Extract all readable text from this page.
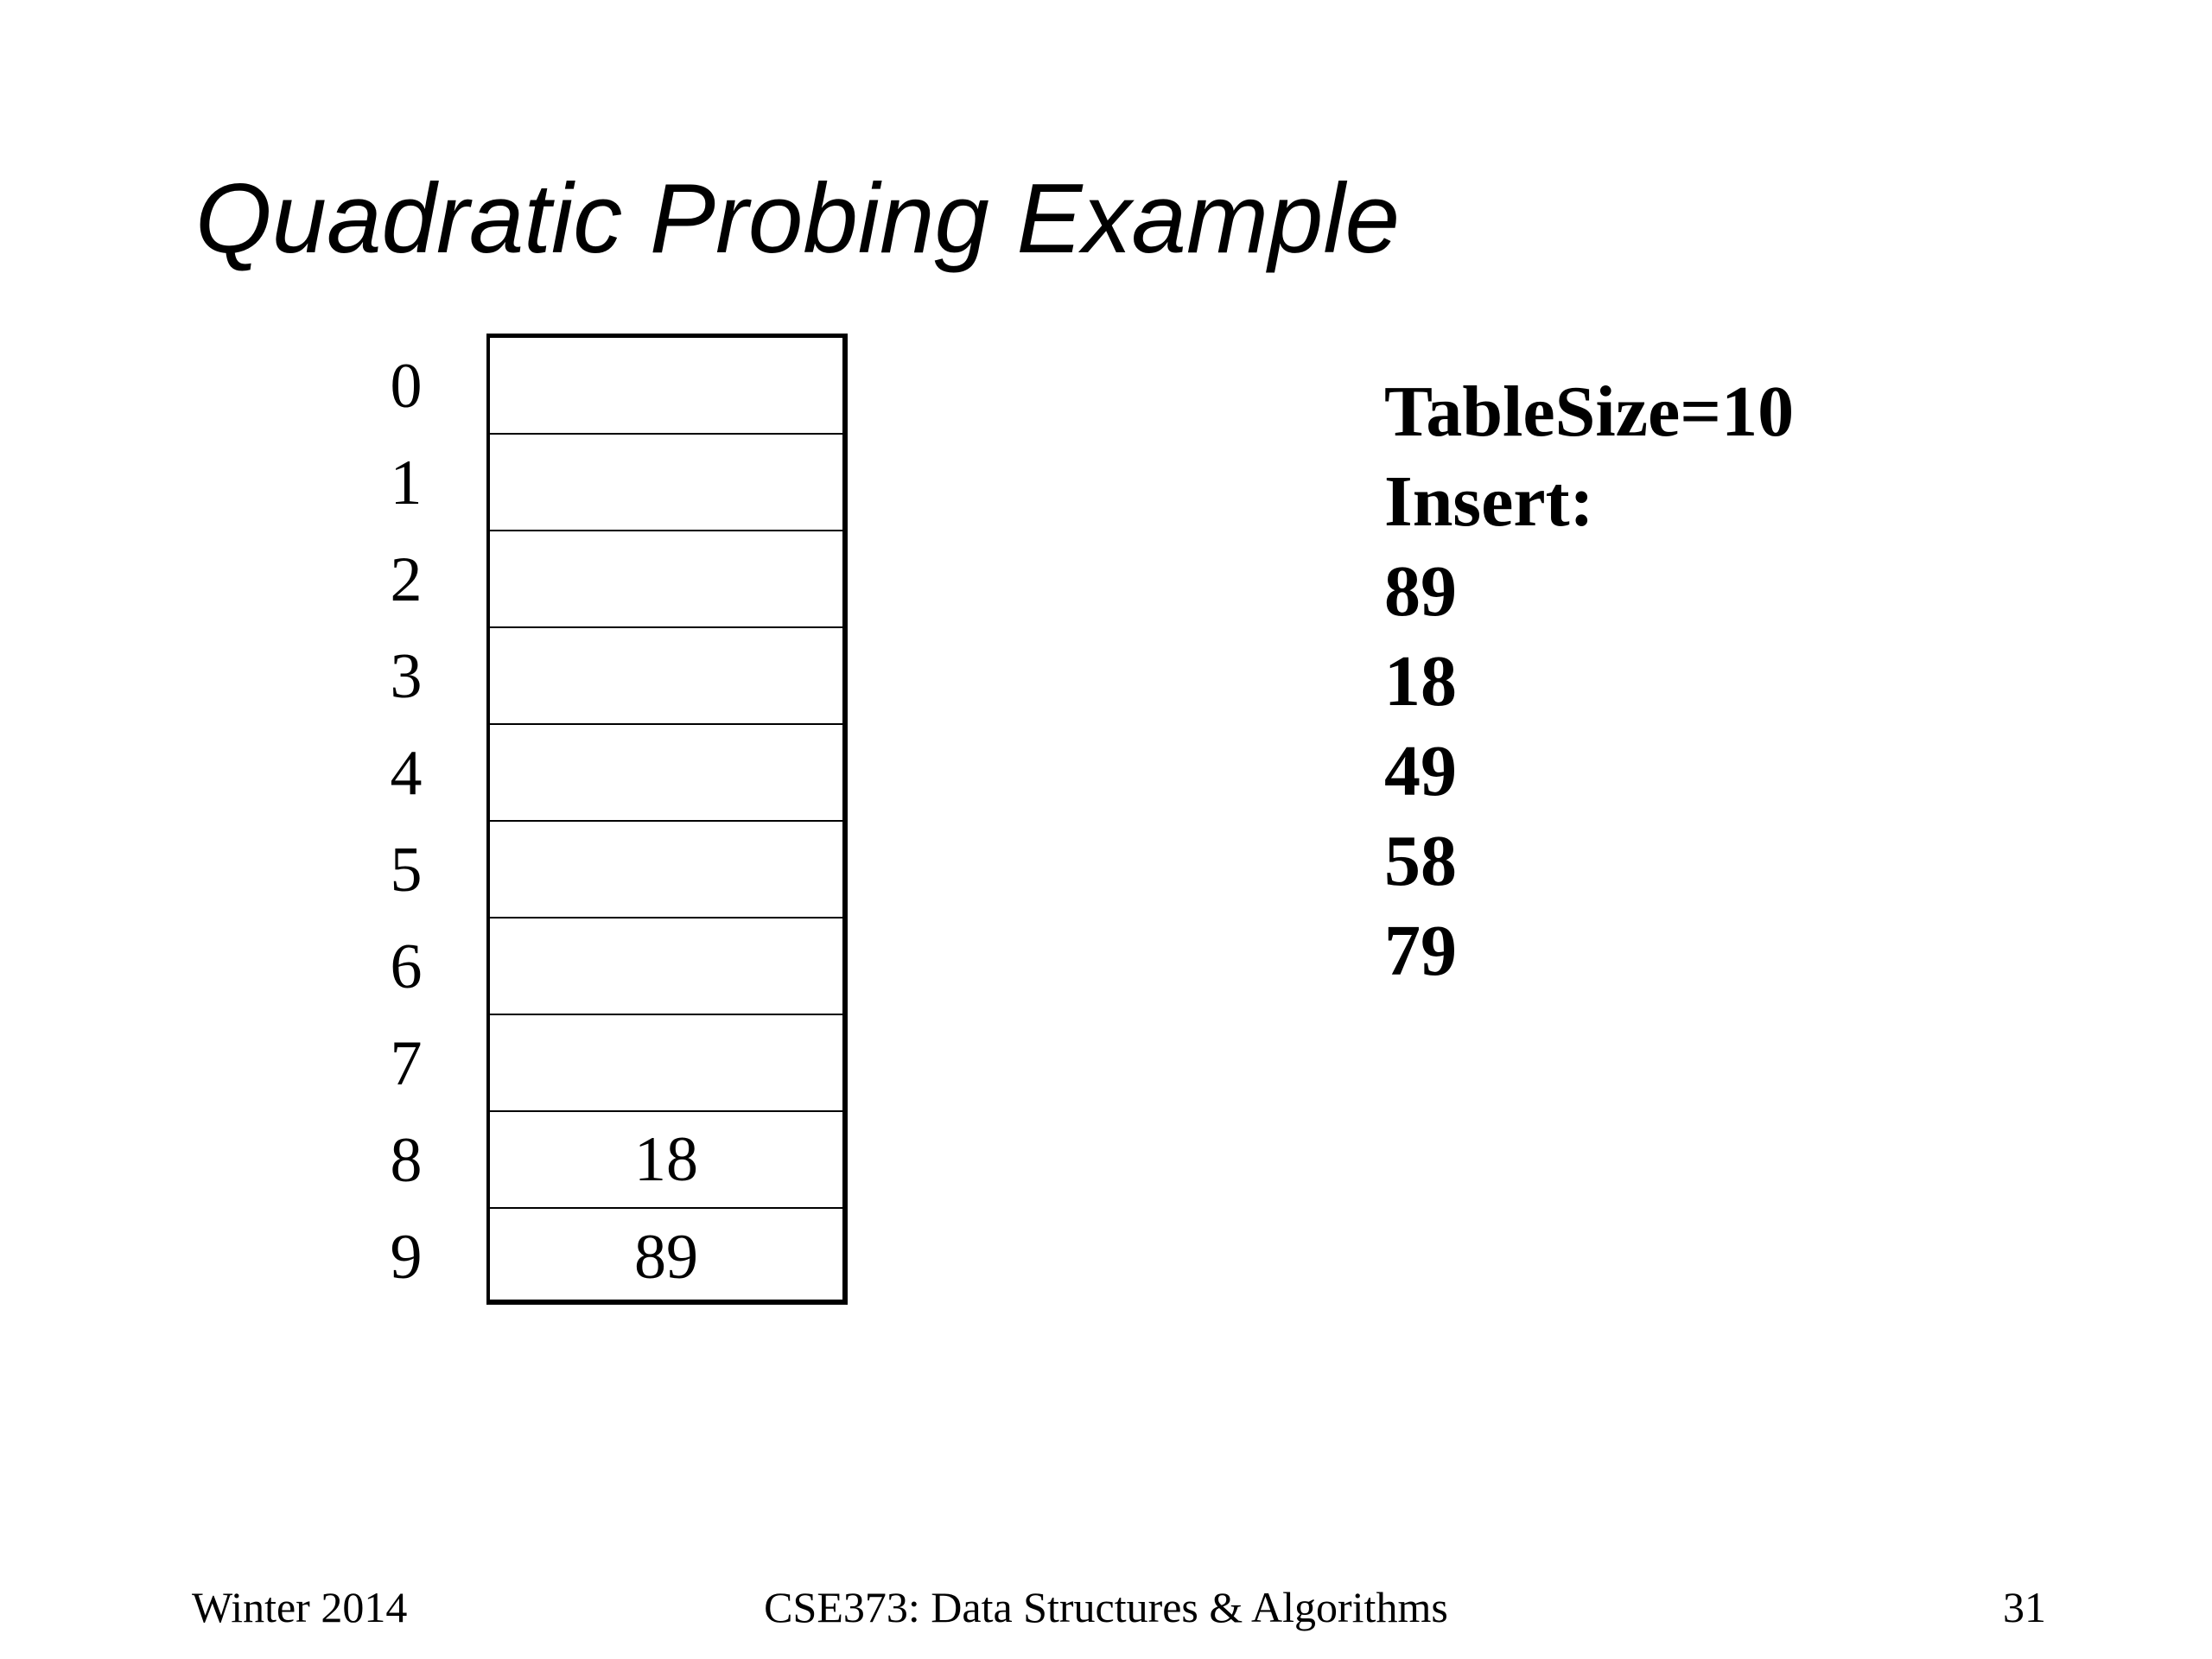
Quadratic Probing Example
0
1
2
3
4
5
6
7
8
9
18
89
TableSize=10
Insert:
89
18
49
58
79
Winter 2014	CSE373: Data Structures & Algorithms	31
